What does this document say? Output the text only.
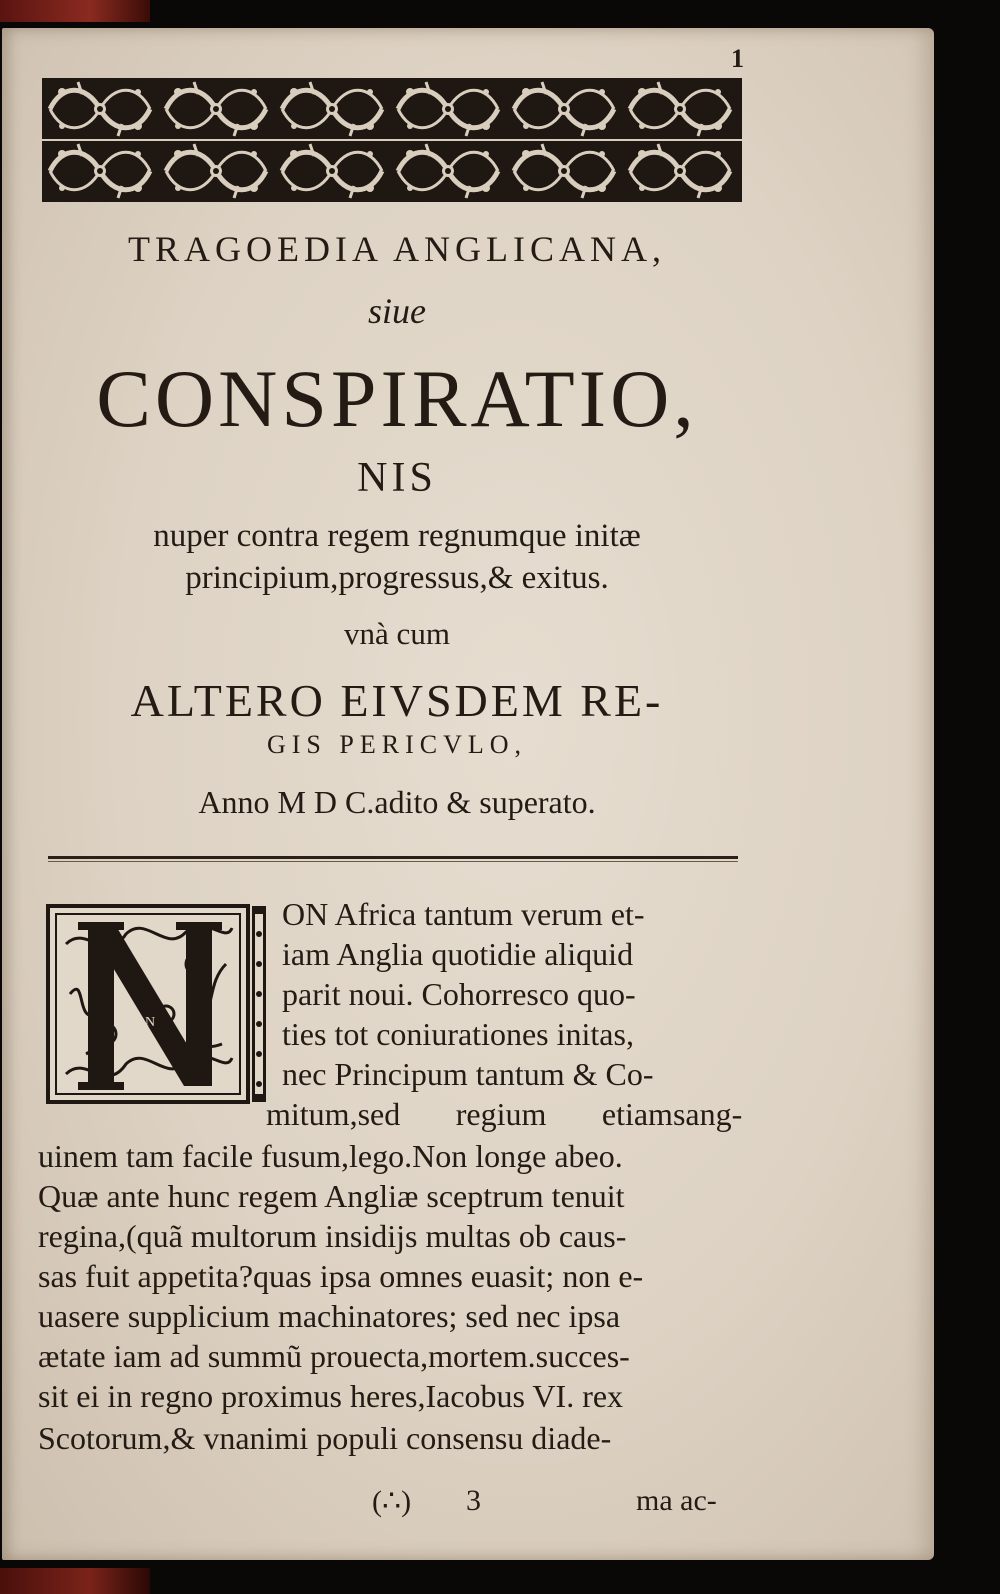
1
TRAGOEDIA ANGLICANA,
siue
CONSPIRATIO,
NIS
nuper contra regem regnumque initæ
principium,progressus,& exitus.
vnà cum
ALTERO EIVSDEM RE-
GIS PERICVLO,
Anno M D C.adito & superato.
N
ON Africa tantum verum et-
iam Anglia quotidie aliquid
parit noui. Cohorresco quo-
ties tot coniurationes initas,
nec Principum tantum & Co-
mitum,sed regium etiamsang-
uinem tam facile fusum,lego.Non longe abeo.
Quæ ante hunc regem Angliæ sceptrum tenuit
regina,(quã multorum insidijs multas ob caus-
sas fuit appetita?quas ipsa omnes euasit; non e-
uasere supplicium machinatores; sed nec ipsa
ætate iam ad summũ prouecta,mortem.succes-
sit ei in regno proximus heres,Iacobus VI. rex
Scotorum,& vnanimi populi consensu diade-
(∴) 3	ma ac-
